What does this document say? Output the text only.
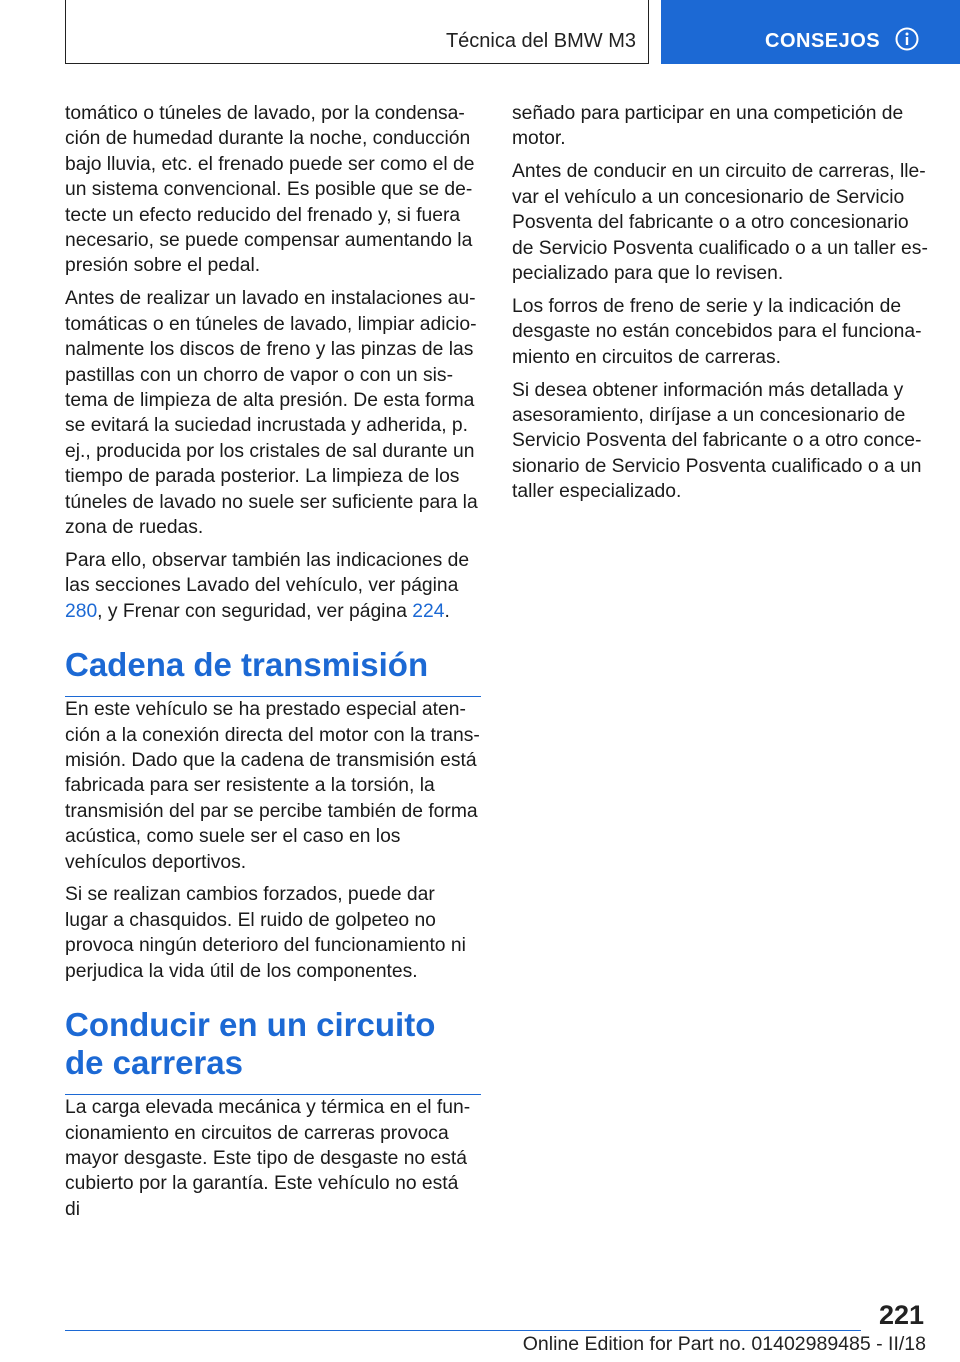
Técnica del BMW M3	CONSEJOS

tomático o túneles de lavado, por la condensación de humedad durante la noche, conducción bajo lluvia, etc. el frenado puede ser como el de un sistema convencional. Es posible que se detecte un efecto reducido del frenado y, si fuera necesario, se puede compensar aumentando la presión sobre el pedal.

Antes de realizar un lavado en instalaciones automáticas o en túneles de lavado, limpiar adicionalmente los discos de freno y las pinzas de las pastillas con un chorro de vapor o con un sistema de limpieza de alta presión. De esta forma se evitará la suciedad incrustada y adherida, p. ej., producida por los cristales de sal durante un tiempo de parada posterior. La limpieza de los túneles de lavado no suele ser suficiente para la zona de ruedas.

Para ello, observar también las indicaciones de las secciones Lavado del vehículo, ver página 280, y Frenar con seguridad, ver página 224.

Cadena de transmisión

En este vehículo se ha prestado especial atención a la conexión directa del motor con la transmisión. Dado que la cadena de transmisión está fabricada para ser resistente a la torsión, la transmisión del par se percibe también de forma acústica, como suele ser el caso en los vehículos deportivos.

Si se realizan cambios forzados, puede dar lugar a chasquidos. El ruido de golpeteo no provoca ningún deterioro del funcionamiento ni perjudica la vida útil de los componentes.

Conducir en un circuito de carreras

La carga elevada mecánica y térmica en el funcionamiento en circuitos de carreras provoca mayor desgaste. Este tipo de desgaste no está cubierto por la garantía. Este vehículo no está di

señado para participar en una competición de motor.

Antes de conducir en un circuito de carreras, llevar el vehículo a un concesionario de Servicio Posventa del fabricante o a otro concesionario de Servicio Posventa cualificado o a un taller especializado para que lo revisen.

Los forros de freno de serie y la indicación de desgaste no están concebidos para el funcionamiento en circuitos de carreras.

Si desea obtener información más detallada y asesoramiento, diríjase a un concesionario de Servicio Posventa del fabricante o a otro concesionario de Servicio Posventa cualificado o a un taller especializado.

221
Online Edition for Part no. 01402989485 - II/18
